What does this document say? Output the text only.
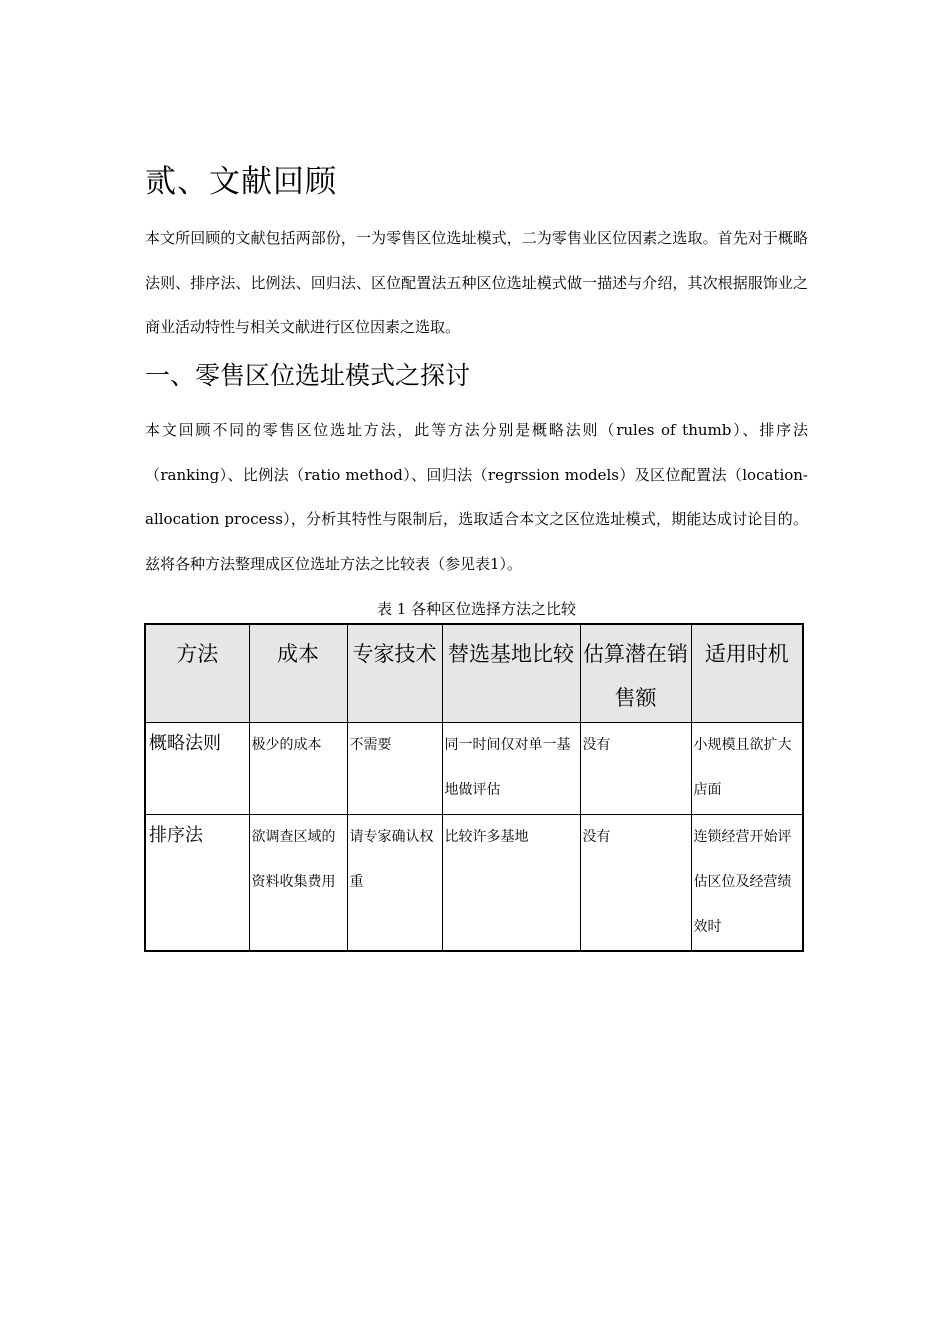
贰、文献回顾

本文所回顾的文献包括两部份，一为零售区位选址模式，二为零售业区位因素之选取。首先对于概略法则、排序法、比例法、回归法、区位配置法五种区位选址模式做一描述与介绍，其次根据服饰业之商业活动特性与相关文献进行区位因素之选取。

一、零售区位选址模式之探讨

本文回顾不同的零售区位选址方法，此等方法分别是概略法则（rules of thumb）、排序法（ranking）、比例法（ratio method）、回归法（regrssion models）及区位配置法（location-allocation process），分析其特性与限制后，选取适合本文之区位选址模式，期能达成讨论目的。兹将各种方法整理成区位选址方法之比较表（参见表1）。

表 1 各种区位选择方法之比较

方法	成本	专家技术	替选基地比较	估算潜在销售额	适用时机
概略法则	极少的成本	不需要	同一时间仅对单一基地做评估	没有	小规模且欲扩大店面
排序法	欲调查区域的资料收集费用	请专家确认权重	比较许多基地	没有	连锁经营开始评估区位及经营绩效时
